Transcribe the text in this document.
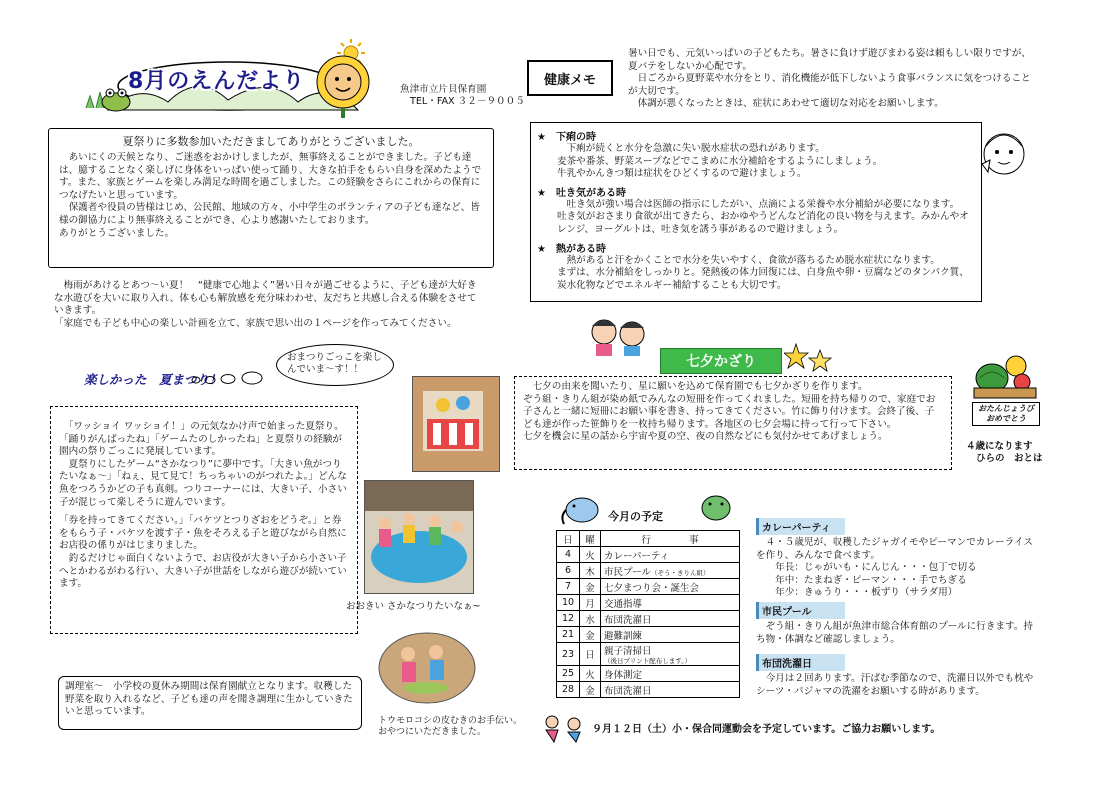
8月のえんだより	魚津市立片貝保育園
TEL・FAX ３２－９００５
夏祭りに多数参加いただきましてありがとうございました。
　あいにくの天候となり、ご迷惑をおかけしましたが、無事終えることができました。子ども達は、臆することなく楽しげに身体をいっぱい使って踊り、大きな拍手をもらい自身を深めたようです。また、家族とゲームを楽しみ満足な時間を過ごしました。この経験をさらにこれからの保育につなげたいと思っています。
　保護者や役員の皆様はじめ、公民館、地域の方々、小中学生のボランティアの子ども達など、皆様の御協力により無事終えることができ、心より感謝いたしております。
ありがとうございました。
　梅雨があけるとあつ～い夏！　“健康で心地よく”暑い日々が過ごせるように、子ども達が大好きな水遊びを大いに取り入れ、体も心も解放感を充分味わわせ、友だちと共感し合える体験をさせていきます。
「家庭でも子ども中心の楽しい計画を立て、家族で思い出の１ページを作ってみてください。
楽しかった　夏まつり！
おまつりごっこを楽しんでいま～す！！
　「ワッショイ ワッショイ！」の元気なかけ声で始まった夏祭り。「踊りがんばったね」「ゲームたのしかったね」と夏祭りの経験が園内の祭りごっこに発展しています。
　夏祭りにしたゲーム“さかなつり”に夢中です。「大きい魚がつりたいなぁ～」「ねぇ、見て見て！ちっちゃいのがつれたよ。」どんな魚をつろうかどの子も真剣。つりコーナーには、大きい子、小さい子が混じって楽しそうに遊んでいます。
「券を持ってきてください。」「バケツとつりざおをどうぞ。」と券をもらう子・バケツを渡す子・魚をそろえる子と遊びながら自然にお店役の係りがはじまりました。
　釣るだけじゃ面白くないようで、お店役が大きい子から小さい子へとかわるがわる行い、大きい子が世話をしながら遊びが続いています。
おおきい さかなつりたいなぁ~
調理室～　小学校の夏休み期間は保育園献立となります。収穫した野菜を取り入れるなど、子ども達の声を聞き調理に生かしていきたいと思っています。
トウモロコシの皮むきのお手伝い。
おやつにいただきました。
健康メモ
暑い日でも、元気いっぱいの子どもたち。暑さに負けず遊びまわる姿は頼もしい限りですが、夏バテをしないか心配です。
　日ごろから夏野菜や水分をとり、消化機能が低下しないよう食事バランスに気をつけることが大切です。
　体調が悪くなったときは、症状にあわせて適切な対応をお願いします。
★　 下痢の時
　下痢が続くと水分を急激に失い脱水症状の恐れがあります。
麦茶や番茶、野菜スープなどでこまめに水分補給をするようにしましょう。
牛乳やかんきつ類は症状をひどくするので避けましょう。
★　 吐き気がある時
　吐き気が強い場合は医師の指示にしたがい、点滴による栄養や水分補給が必要になります。
吐き気がおさまり食欲が出てきたら、おかゆやうどんなど消化の良い物を与えます。みかんやオレンジ、ヨーグルトは、吐き気を誘う事があるので避けましょう。
★　 熱がある時
　熱があると汗をかくことで水分を失いやすく、食欲が落ちるため脱水症状になります。
まずは、水分補給をしっかりと。発熱後の体力回復には、白身魚や卵・豆腐などのタンパク質、炭水化物などでエネルギー補給することも大切です。
七夕かざり
　七夕の由来を聞いたり、星に願いを込めて保育園でも七夕かざりを作ります。
ぞう組・きりん組が染め紙でみんなの短冊を作ってくれました。短冊を持ち帰りので、家庭でお子さんと一緒に短冊にお願い事を書き、持ってきてください。竹に飾り付けます。会終了後、子ども達が作った笹飾りを一枚持ち帰ります。各地区の七夕会場に持って行って下さい。
七夕を機会に星の話から宇宙や夏の空、夜の自然などにも気付かせてあげましょう。
おたんじょうび おめでとう
４歳になります
ひらの　おとは
今月の予定
日	曜	行　　　　事
4	火	カレーパーティ
6	木	市民プール（ぞう・きりん組）
7	金	七夕まつり会・誕生会
10	月	交通指導
12	水	布団洗濯日
21	金	避難訓練
23	日	親子清掃日
（後日プリント配布します。）

25	火	身体測定
28	金	布団洗濯日
カレーパーティ
　４・５歳児が、収穫したジャガイモやピーマンでカレーライスを作り、みんなで食べます。
　　年長：じゃがいも・にんじん・・・包丁で切る
　　年中：たまねぎ・ピーマン・・・手でちぎる
　　年少：きゅうり・・・板ずり（サラダ用）
市民プール
　ぞう組・きりん組が魚津市総合体育館のプールに行きます。持ち物・体調など確認しましょう。
布団洗濯日
　今月は２回あります。汗ばむ季節なので、洗濯日以外でも枕やシーツ・パジャマの洗濯をお願いする時があります。
９月１２日（土）小・保合同運動会を予定しています。ご協力お願いします。
